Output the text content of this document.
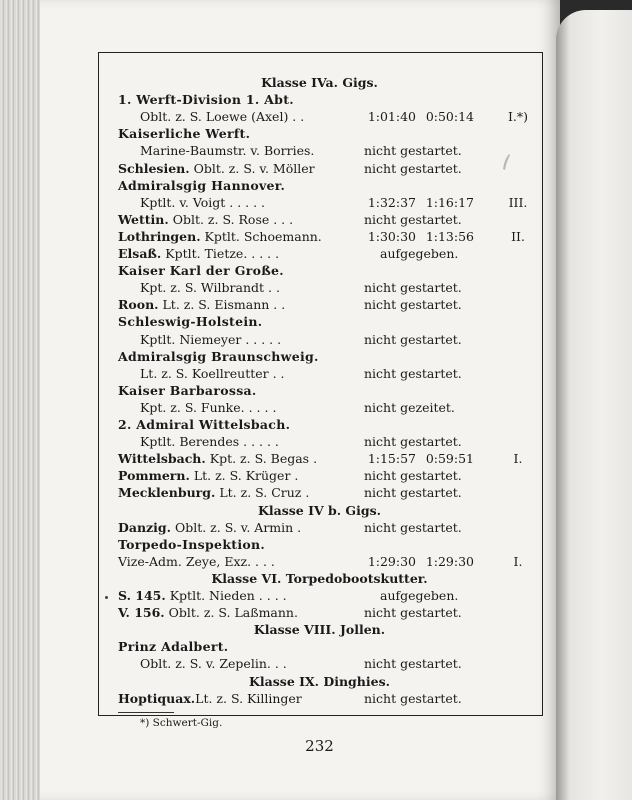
Klasse IVa. Gigs.
1. Werft-Division 1. Abt.
Oblt. z. S. Loewe (Axel) . .	1:01:40 0:50:14	I.*)
Kaiserliche Werft.
Marine-Baumstr. v. Borries.	nicht gestartet.
Schlesien. Oblt. z. S. v. Möller	nicht gestartet.
Admiralsgig Hannover.
Kptlt. v. Voigt . . . . .	1:32:37 1:16:17	III.
Wettin. Oblt. z. S. Rose . . .	nicht gestartet.
Lothringen. Kptlt. Schoemann.	1:30:30 1:13:56	II.
Elsaß. Kptlt. Tietze. . . . .	aufgegeben.
Kaiser Karl der Große.
Kpt. z. S. Wilbrandt . .	nicht gestartet.
Roon. Lt. z. S. Eismann . .	nicht gestartet.
Schleswig-Holstein.
Kptlt. Niemeyer . . . . .	nicht gestartet.
Admiralsgig Braunschweig.
Lt. z. S. Koellreutter . .	nicht gestartet.
Kaiser Barbarossa.
Kpt. z. S. Funke. . . . .	nicht gezeitet.
2. Admiral Wittelsbach.
Kptlt. Berendes . . . . .	nicht gestartet.
Wittelsbach. Kpt. z. S. Begas .	1:15:57 0:59:51	I.
Pommern. Lt. z. S. Krüger .	nicht gestartet.
Mecklenburg. Lt. z. S. Cruz .	nicht gestartet.
Klasse IV b. Gigs.
Danzig. Oblt. z. S. v. Armin .	nicht gestartet.
Torpedo-Inspektion.
Vize-Adm. Zeye, Exz. . . .	1:29:30 1:29:30	I.
Klasse VI. Torpedobootskutter.
S. 145. Kptlt. Nieden . . . .	aufgegeben.
V. 156. Oblt. z. S. Laßmann.	nicht gestartet.
*) Schwert-Gig.
232
Klasse VIII. Jollen.
Prinz Adalbert.
Oblt. z. S. v. Zepelin. . .	nicht gestartet.
Klasse IX. Dinghies.
Hoptiquax.Lt. z. S. Killinger	nicht gestartet.
